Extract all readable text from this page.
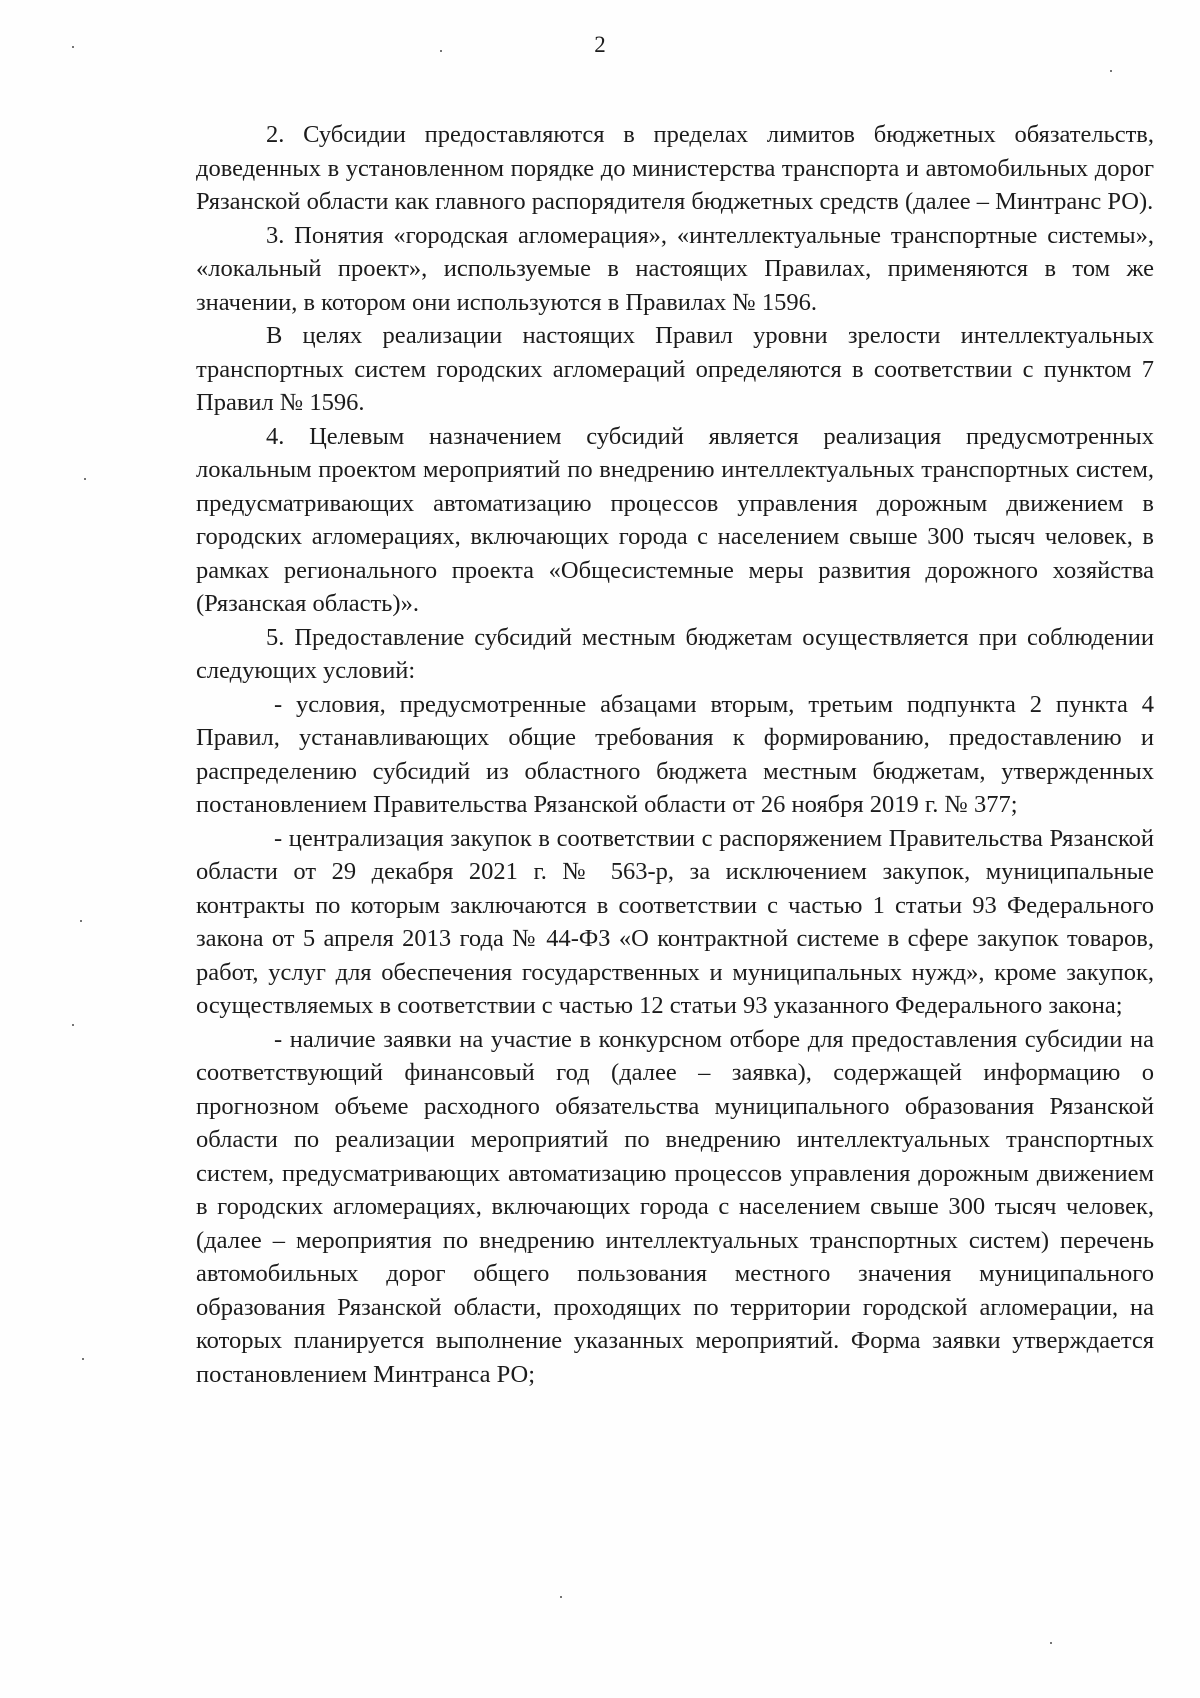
2

2. Субсидии предоставляются в пределах лимитов бюджетных обязательств, доведенных в установленном порядке до министерства транспорта и автомобильных дорог Рязанской области как главного распорядителя бюджетных средств (далее – Минтранс РО).

3. Понятия «городская агломерация», «интеллектуальные транспортные системы», «локальный проект», используемые в настоящих Правилах, применяются в том же значении, в котором они используются в Правилах № 1596.

В целях реализации настоящих Правил уровни зрелости интеллектуальных транспортных систем городских агломераций определяются в соответствии с пунктом 7 Правил № 1596.

4. Целевым назначением субсидий является реализация предусмотренных локальным проектом мероприятий по внедрению интеллектуальных транспортных систем, предусматривающих автоматизацию процессов управления дорожным движением в городских агломерациях, включающих города с населением свыше 300 тысяч человек, в рамках регионального проекта «Общесистемные меры развития дорожного хозяйства (Рязанская область)».

5. Предоставление субсидий местным бюджетам осуществляется при соблюдении следующих условий:

- условия, предусмотренные абзацами вторым, третьим подпункта 2 пункта 4 Правил, устанавливающих общие требования к формированию, предоставлению и распределению субсидий из областного бюджета местным бюджетам, утвержденных постановлением Правительства Рязанской области от 26 ноября 2019 г. № 377;

- централизация закупок в соответствии с распоряжением Правительства Рязанской области от 29 декабря 2021 г. № 563-р, за исключением закупок, муниципальные контракты по которым заключаются в соответствии с частью 1 статьи 93 Федерального закона от 5 апреля 2013 года № 44-ФЗ «О контрактной системе в сфере закупок товаров, работ, услуг для обеспечения государственных и муниципальных нужд», кроме закупок, осуществляемых в соответствии с частью 12 статьи 93 указанного Федерального закона;

- наличие заявки на участие в конкурсном отборе для предоставления субсидии на соответствующий финансовый год (далее – заявка), содержащей информацию о прогнозном объеме расходного обязательства муниципального образования Рязанской области по реализации мероприятий по внедрению интеллектуальных транспортных систем, предусматривающих автоматизацию процессов управления дорожным движением в городских агломерациях, включающих города с населением свыше 300 тысяч человек, (далее – мероприятия по внедрению интеллектуальных транспортных систем) перечень автомобильных дорог общего пользования местного значения муниципального образования Рязанской области, проходящих по территории городской агломерации, на которых планируется выполнение указанных мероприятий. Форма заявки утверждается постановлением Минтранса РО;
